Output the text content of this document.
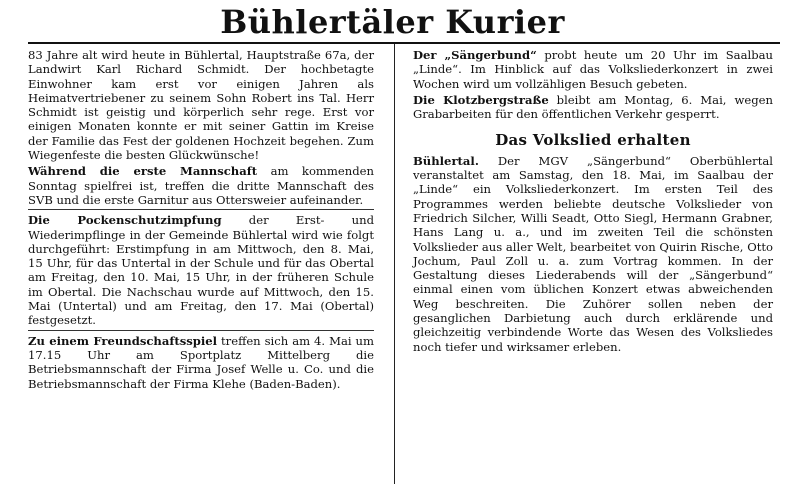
Bühlertäler Kurier

83 Jahre alt wird heute in Bühlertal, Hauptstraße 67a, der Landwirt Karl Richard Schmidt. Der hochbetagte Einwohner kam erst vor einigen Jahren als Heimatvertriebener zu seinem Sohn Robert ins Tal. Herr Schmidt ist geistig und körperlich sehr rege. Erst vor einigen Monaten konnte er mit seiner Gattin im Kreise der Familie das Fest der goldenen Hochzeit begehen. Zum Wiegenfeste die besten Glückwünsche!

Während die erste Mannschaft am kommenden Sonntag spielfrei ist, treffen die dritte Mannschaft des SVB und die erste Garnitur aus Ottersweier aufeinander.

Die Pockenschutzimpfung der Erst- und Wiederimpflinge in der Gemeinde Bühlertal wird wie folgt durchgeführt: Erstimpfung in am Mittwoch, den 8. Mai, 15 Uhr, für das Untertal in der Schule und für das Obertal am Freitag, den 10. Mai, 15 Uhr, in der früheren Schule im Obertal. Die Nachschau wurde auf Mittwoch, den 15. Mai (Untertal) und am Freitag, den 17. Mai (Obertal) festgesetzt.

Zu einem Freundschaftsspiel treffen sich am 4. Mai um 17.15 Uhr am Sportplatz Mittelberg die Betriebsmannschaft der Firma Josef Welle u. Co. und die Betriebsmannschaft der Firma Klehe (Baden-Baden).

Der „Sängerbund“ probt heute um 20 Uhr im Saalbau „Linde“. Im Hinblick auf das Volksliederkonzert in zwei Wochen wird um vollzähligen Besuch gebeten.

Die Klotzbergstraße bleibt am Montag, 6. Mai, wegen Grabarbeiten für den öffentlichen Verkehr gesperrt.

Das Volkslied erhalten

Bühlertal. Der MGV „Sängerbund“ Oberbühlertal veranstaltet am Samstag, den 18. Mai, im Saalbau der „Linde“ ein Volksliederkonzert. Im ersten Teil des Programmes werden beliebte deutsche Volkslieder von Friedrich Silcher, Willi Seadt, Otto Siegl, Hermann Grabner, Hans Lang u. a., und im zweiten Teil die schönsten Volkslieder aus aller Welt, bearbeitet von Quirin Rische, Otto Jochum, Paul Zoll u. a. zum Vortrag kommen. In der Gestaltung dieses Liederabends will der „Sängerbund“ einmal einen vom üblichen Konzert etwas abweichenden Weg beschreiten. Die Zuhörer sollen neben der gesanglichen Darbietung auch durch erklärende und gleichzeitig verbindende Worte das Wesen des Volksliedes noch tiefer und wirksamer erleben.
